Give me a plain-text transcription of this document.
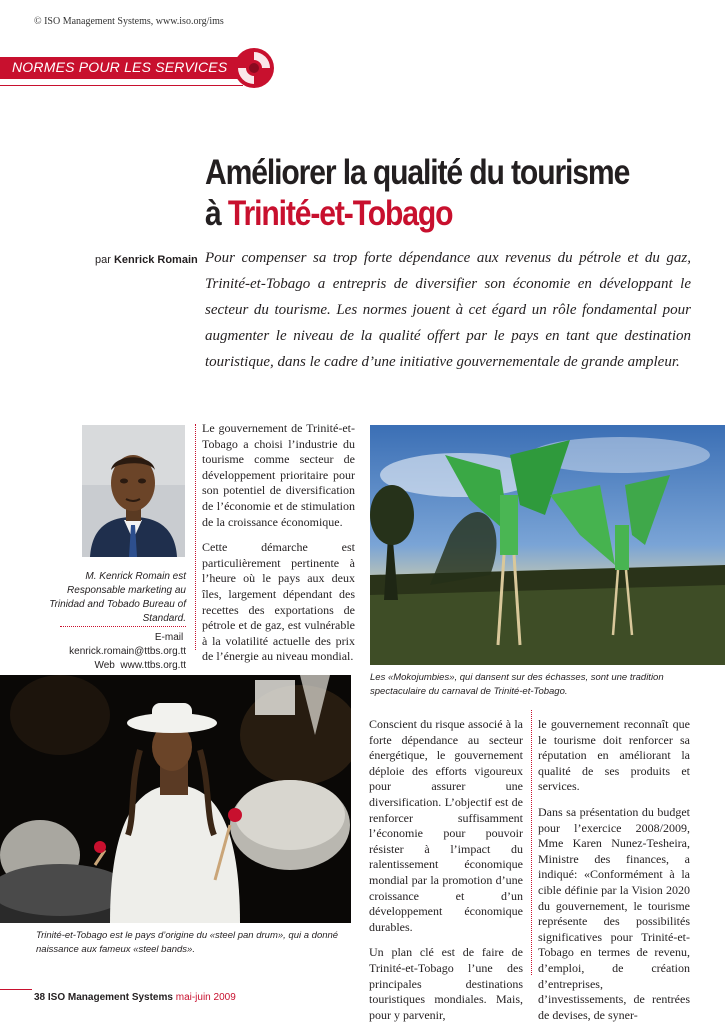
© ISO Management Systems, www.iso.org/ims
NORMES POUR LES SERVICES
Améliorer la qualité du tourisme
à Trinité-et-Tobago
par Kenrick Romain Pour compenser sa trop forte dépendance aux revenus du pétrole et du gaz, Trinité-et-Tobago a entrepris de diversifier son économie en développant le secteur du tourisme. Les normes jouent à cet égard un rôle fondamental pour augmenter le niveau de la qualité offert par le pays en tant que destination touristique, dans le cadre d’une initiative gouvernementale de grande ampleur.
M. Kenrick Romain est Responsable marketing au Trinidad and Tobado Bureau of Standard.
E-mail  kenrick.romain@ttbs.org.tt
Web www.ttbs.org.tt

Le gouvernement de Trinité-et-Tobago a choisi l’industrie du tourisme comme secteur de développement prioritaire pour son potentiel de diversification de l’économie et de stimulation de la croissance économique.

Cette démarche est particulièrement pertinente à l’heure où le pays aux deux îles, largement dépendant des recettes des exportations de pétrole et de gaz, est vulnérable à la volatilité actuelle des prix de l’énergie au niveau mondial.

Les «Mokojumbies», qui dansent sur des échasses, sont une tradition spectaculaire du carnaval de Trinité-et-Tobago.
Trinité-et-Tobago est le pays d’origine du «steel pan drum», qui a donné naissance aux fameux «steel bands».

Conscient du risque associé à la forte dépendance au secteur énergétique, le gouvernement déploie des efforts vigoureux pour assurer une diversification. L’objectif est de renforcer suffisamment l’économie pour pouvoir résister à l’impact du ralentissement économique mondial par la promotion d’une croissance et d’un développement économique durables.

Un plan clé est de faire de Trinité-et-Tobago l’une des principales destinations touristiques mondiales. Mais, pour y parvenir,

le gouvernement reconnaît que le tourisme doit renforcer sa réputation en améliorant la qualité de ses produits et services.

Dans sa présentation du budget pour l’exercice 2008/2009, Mme Karen Nunez-Tesheira, Ministre des finances, a indiqué: «Conformément à la cible définie par la Vision 2020 du gouvernement, le tourisme représente des possibilités significatives pour Trinité-et-Tobago en termes de revenu, d’emploi, de création d’entreprises, d’investissements, de rentrées de devises, de syner-

38 ISO Management Systems mai-juin 2009
